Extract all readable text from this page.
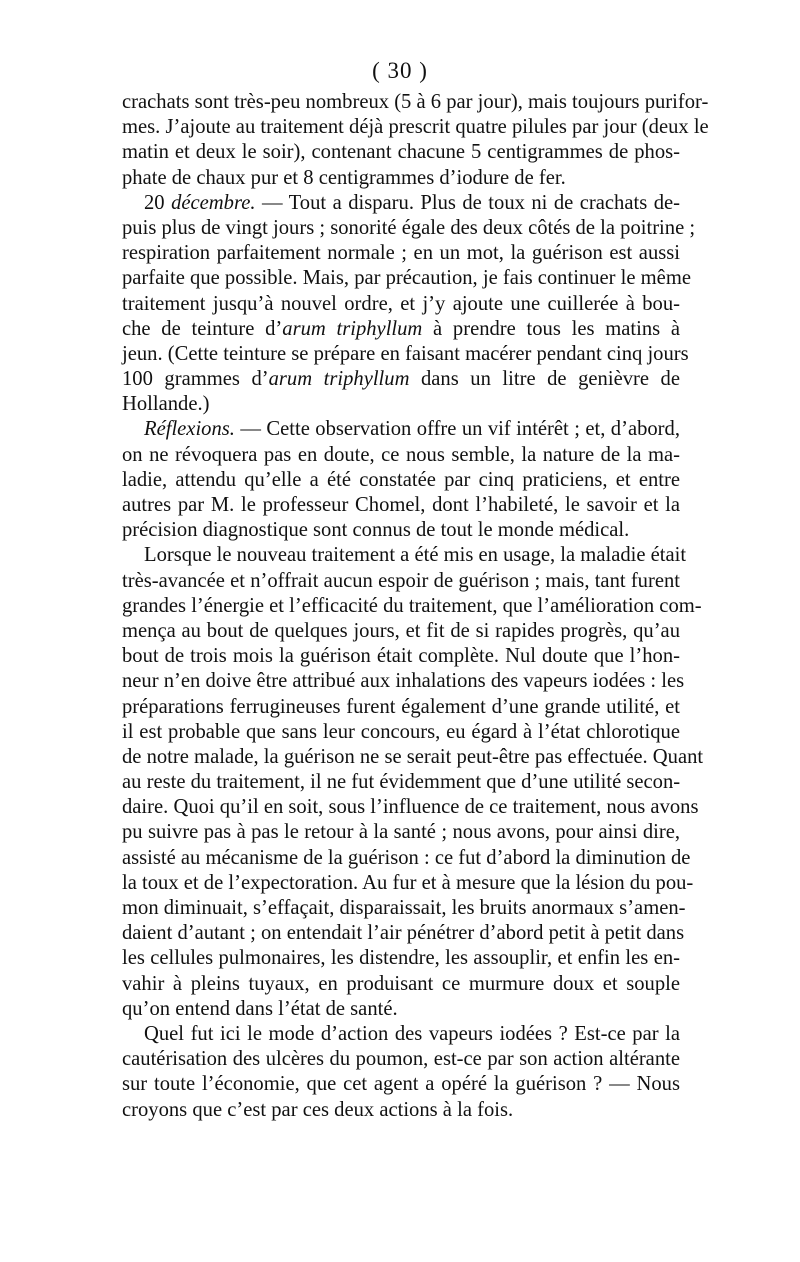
( 30 )
crachats sont très-peu nombreux (5 à 6 par jour), mais toujours purifor-
mes. J’ajoute au traitement déjà prescrit quatre pilules par jour (deux le
matin et deux le soir), contenant chacune 5 centigrammes de phos-
phate de chaux pur et 8 centigrammes d’iodure de fer.
20 décembre. — Tout a disparu. Plus de toux ni de crachats de-
puis plus de vingt jours ; sonorité égale des deux côtés de la poitrine ;
respiration parfaitement normale ; en un mot, la guérison est aussi
parfaite que possible. Mais, par précaution, je fais continuer le même
traitement jusqu’à nouvel ordre, et j’y ajoute une cuillerée à bou-
che de teinture d’arum triphyllum à prendre tous les matins à
jeun. (Cette teinture se prépare en faisant macérer pendant cinq jours
100 grammes d’arum triphyllum dans un litre de genièvre de
Hollande.)
Réflexions. — Cette observation offre un vif intérêt ; et, d’abord,
on ne révoquera pas en doute, ce nous semble, la nature de la ma-
ladie, attendu qu’elle a été constatée par cinq praticiens, et entre
autres par M. le professeur Chomel, dont l’habileté, le savoir et la
précision diagnostique sont connus de tout le monde médical.
Lorsque le nouveau traitement a été mis en usage, la maladie était
très-avancée et n’offrait aucun espoir de guérison ; mais, tant furent
grandes l’énergie et l’efficacité du traitement, que l’amélioration com-
mença au bout de quelques jours, et fit de si rapides progrès, qu’au
bout de trois mois la guérison était complète. Nul doute que l’hon-
neur n’en doive être attribué aux inhalations des vapeurs iodées : les
préparations ferrugineuses furent également d’une grande utilité, et
il est probable que sans leur concours, eu égard à l’état chlorotique
de notre malade, la guérison ne se serait peut-être pas effectuée. Quant
au reste du traitement, il ne fut évidemment que d’une utilité secon-
daire. Quoi qu’il en soit, sous l’influence de ce traitement, nous avons
pu suivre pas à pas le retour à la santé ; nous avons, pour ainsi dire,
assisté au mécanisme de la guérison : ce fut d’abord la diminution de
la toux et de l’expectoration. Au fur et à mesure que la lésion du pou-
mon diminuait, s’effaçait, disparaissait, les bruits anormaux s’amen-
daient d’autant ; on entendait l’air pénétrer d’abord petit à petit dans
les cellules pulmonaires, les distendre, les assouplir, et enfin les en-
vahir à pleins tuyaux, en produisant ce murmure doux et souple
qu’on entend dans l’état de santé.
Quel fut ici le mode d’action des vapeurs iodées ? Est-ce par la
cautérisation des ulcères du poumon, est-ce par son action altérante
sur toute l’économie, que cet agent a opéré la guérison ? — Nous
croyons que c’est par ces deux actions à la fois.
